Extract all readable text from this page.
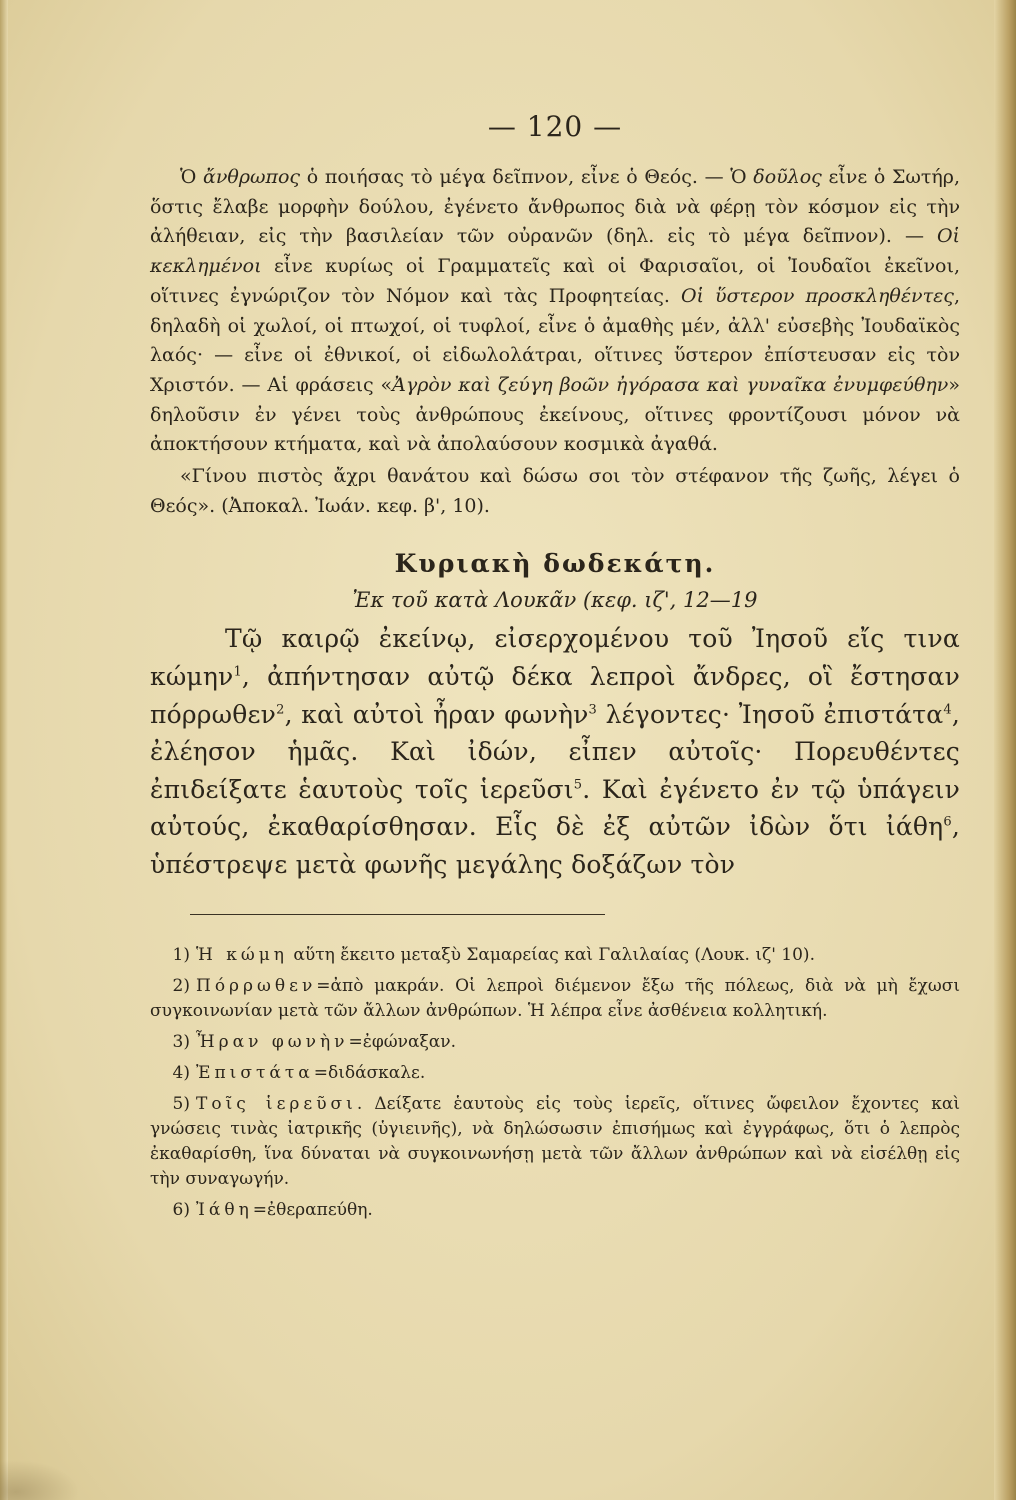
— 120 —

Ὁ ἄνθρωπος ὁ ποιήσας τὸ μέγα δεῖπνον, εἶνε ὁ Θεός. — Ὁ δοῦλος εἶνε ὁ Σωτήρ, ὅστις ἔλαβε μορφὴν δούλου, ἐγένετο ἄνθρωπος διὰ νὰ φέρῃ τὸν κόσμον εἰς τὴν ἀλήθειαν, εἰς τὴν βασιλείαν τῶν οὐρανῶν (δηλ. εἰς τὸ μέγα δεῖπνον). — Οἱ κεκλημένοι εἶνε κυρίως οἱ Γραμματεῖς καὶ οἱ Φαρισαῖοι, οἱ Ἰουδαῖοι ἐκεῖνοι, οἵτινες ἐγνώριζον τὸν Νόμον καὶ τὰς Προφητείας. Οἱ ὕστερον προσκληθέντες, δηλαδὴ οἱ χωλοί, οἱ πτωχοί, οἱ τυφλοί, εἶνε ὁ ἀμαθὴς μέν, ἀλλ' εὐσεβὴς Ἰουδαϊκὸς λαός· — εἶνε οἱ ἐθνικοί, οἱ εἰδωλολάτραι, οἵτινες ὕστερον ἐπίστευσαν εἰς τὸν Χριστόν. — Αἱ φράσεις «Ἀγρὸν καὶ ζεύγη βοῶν ἠγόρασα καὶ γυναῖκα ἐνυμφεύθην» δηλοῦσιν ἐν γένει τοὺς ἀνθρώπους ἐκείνους, οἵτινες φροντίζουσι μόνον νὰ ἀποκτήσουν κτήματα, καὶ νὰ ἀπολαύσουν κοσμικὰ ἀγαθά.

«Γίνου πιστὸς ἄχρι θανάτου καὶ δώσω σοι τὸν στέφανον τῆς ζωῆς, λέγει ὁ Θεός». (Ἀποκαλ. Ἰωάν. κεφ. β', 10).

Κυριακὴ δωδεκάτη.
Ἐκ τοῦ κατὰ Λουκᾶν (κεφ. ιζ', 12—19

Τῷ καιρῷ ἐκείνῳ, εἰσερχομένου τοῦ Ἰησοῦ εἴς τινα κώμην$^1$, ἀπήντησαν αὐτῷ δέκα λεπροὶ ἄνδρες, οἳ ἔστησαν πόρρωθεν$^2$, καὶ αὐτοὶ ἦραν φωνὴν$^3$ λέγοντες· Ἰησοῦ ἐπιστάτα$^4$, ἐλέησον ἡμᾶς. Καὶ ἰδών, εἶπεν αὐτοῖς· Πορευθέντες ἐπιδείξατε ἑαυτοὺς τοῖς ἱερεῦσι$^5$. Καὶ ἐγένετο ἐν τῷ ὑπάγειν αὐτούς, ἐκαθαρίσθησαν. Εἷς δὲ ἐξ αὐτῶν ἰδὼν ὅτι ἰάθη$^6$, ὑπέστρεψε μετὰ φωνῆς μεγάλης δοξάζων τὸν

1) Ἡ κώμη αὕτη ἔκειτο μεταξὺ Σαμαρείας καὶ Γαλιλαίας (Λουκ. ιζ' 10).
2) Πόρρωθεν=ἀπὸ μακράν. Οἱ λεπροὶ διέμενον ἔξω τῆς πόλεως, διὰ νὰ μὴ ἔχωσι συγκοινωνίαν μετὰ τῶν ἄλλων ἀνθρώπων. Ἡ λέπρα εἶνε ἀσθένεια κολλητική.
3) Ἦραν φωνὴν=ἐφώναξαν.
4) Ἐπιστάτα=διδάσκαλε.
5) Τοῖς ἱερεῦσι. Δείξατε ἑαυτοὺς εἰς τοὺς ἱερεῖς, οἵτινες ὤφειλον ἔχοντες καὶ γνώσεις τινὰς ἰατρικῆς (ὑγιεινῆς), νὰ δηλώσωσιν ἐπισήμως καὶ ἐγγράφως, ὅτι ὁ λεπρὸς ἐκαθαρίσθη, ἵνα δύναται νὰ συγκοινωνήσῃ μετὰ τῶν ἄλλων ἀνθρώπων καὶ νὰ εἰσέλθῃ εἰς τὴν συναγωγήν.
6) Ἰάθη=ἐθεραπεύθη.
